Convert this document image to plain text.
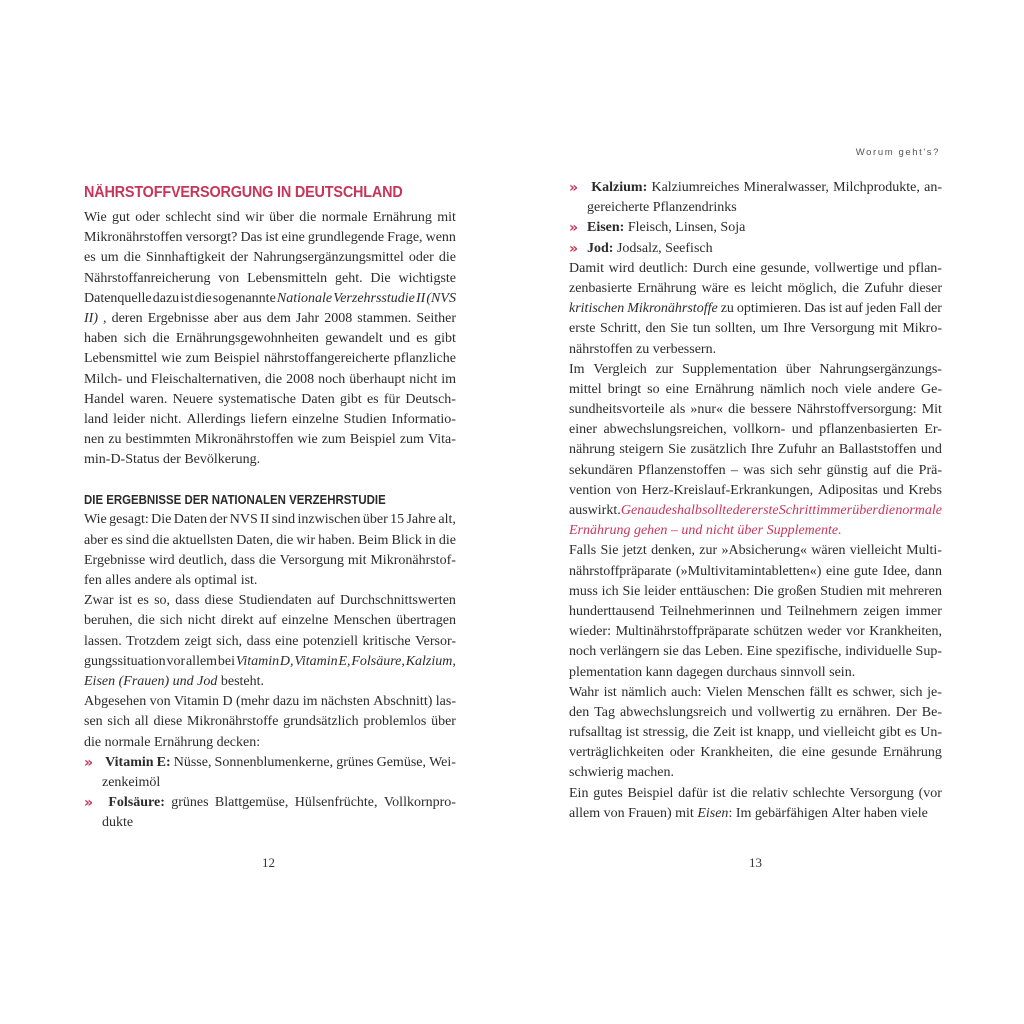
NÄHRSTOFFVERSORGUNG IN DEUTSCHLAND
Wie gut oder schlecht sind wir über die normale Ernährung mit
Mikronährstoffen versorgt? Das ist eine grundlegende Frage, wenn
es um die Sinnhaftigkeit der Nahrungsergänzungsmittel oder die
Nährstoffanreicherung von Lebensmitteln geht. Die wichtigste
Datenquelle dazu ist die sogenannte Nationale Verzehrsstudie II (NVS
II) , deren Ergebnisse aber aus dem Jahr 2008 stammen. Seither
haben sich die Ernährungsgewohnheiten gewandelt und es gibt
Lebensmittel wie zum Beispiel nährstoffangereicherte pflanzliche
Milch- und Fleischalternativen, die 2008 noch überhaupt nicht im
Handel waren. Neuere systematische Daten gibt es für Deutsch-
land leider nicht. Allerdings liefern einzelne Studien Informatio-
nen zu bestimmten Mikronährstoffen wie zum Beispiel zum Vita-
min-D-Status der Bevölkerung.
DIE ERGEBNISSE DER NATIONALEN VERZEHRSTUDIE
Wie gesagt: Die Daten der NVS II sind inzwischen über 15 Jahre alt,
aber es sind die aktuellsten Daten, die wir haben. Beim Blick in die
Ergebnisse wird deutlich, dass die Versorgung mit Mikronährstof-
fen alles andere als optimal ist.
Zwar ist es so, dass diese Studiendaten auf Durchschnittswerten
beruhen, die sich nicht direkt auf einzelne Menschen übertragen
lassen. Trotzdem zeigt sich, dass eine potenziell kritische Versor-
gungssituation vor allem bei Vitamin D, Vitamin E, Folsäure, Kalzium,
Eisen (Frauen) und Jod besteht.
Abgesehen von Vitamin D (mehr dazu im nächsten Abschnitt) las-
sen sich all diese Mikronährstoffe grundsätzlich problemlos über
die normale Ernährung decken:
» Vitamin E: Nüsse, Sonnenblumenkerne, grünes Gemüse, Wei-
zenkeimöl
»	Folsäure: grünes Blattgemüse, Hülsenfrüchte, Vollkornpro-
dukte
12
Worum geht's?
» Kalzium: Kalziumreiches Mineralwasser, Milchprodukte, an-
gereicherte Pflanzendrinks
» Eisen: Fleisch, Linsen, Soja
» Jod: Jodsalz, Seefisch
Damit wird deutlich: Durch eine gesunde, vollwertige und pflan-
zenbasierte Ernährung wäre es leicht möglich, die Zufuhr dieser
kritischen Mikronährstoffe zu optimieren. Das ist auf jeden Fall der
erste Schritt, den Sie tun sollten, um Ihre Versorgung mit Mikro-
nährstoffen zu verbessern.
Im Vergleich zur Supplementation über Nahrungsergänzungs-
mittel bringt so eine Ernährung nämlich noch viele andere Ge-
sundheitsvorteile als »nur« die bessere Nährstoffversorgung: Mit
einer abwechslungsreichen, vollkorn- und pflanzenbasierten Er-
nährung steigern Sie zusätzlich Ihre Zufuhr an Ballaststoffen und
sekundären Pflanzenstoffen – was sich sehr günstig auf die Prä-
vention von Herz-Kreislauf-Erkrankungen, Adipositas und Krebs
auswirkt. Genau deshalb sollte der erste Schritt immer über die normale
Ernährung gehen – und nicht über Supplemente.
Falls Sie jetzt denken, zur »Absicherung« wären vielleicht Multi-
nährstoffpräparate (»Multivitamintabletten«) eine gute Idee, dann
muss ich Sie leider enttäuschen: Die großen Studien mit mehreren
hunderttausend Teilnehmerinnen und Teilnehmern zeigen immer
wieder: Multinährstoffpräparate schützen weder vor Krankheiten,
noch verlängern sie das Leben. Eine spezifische, individuelle Sup-
plementation kann dagegen durchaus sinnvoll sein.
Wahr ist nämlich auch: Vielen Menschen fällt es schwer, sich je-
den Tag abwechslungsreich und vollwertig zu ernähren. Der Be-
rufsalltag ist stressig, die Zeit ist knapp, und vielleicht gibt es Un-
verträglichkeiten oder Krankheiten, die eine gesunde Ernährung
schwierig machen.
Ein gutes Beispiel dafür ist die relativ schlechte Versorgung (vor
allem von Frauen) mit Eisen : Im gebärfähigen Alter haben viele
13
